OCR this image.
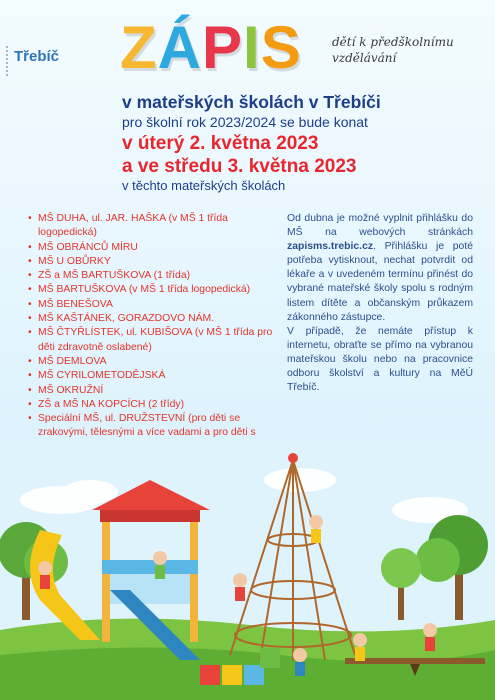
Třebíč ZÁPIS	dětí k předškolnímu vzdělávání
v mateřských školách v Třebíči
pro školní rok 2023/2024 se bude konat
v úterý 2. května 2023
a ve středu 3. května 2023
v těchto mateřských školách
• MŠ DUHA, ul. JAR. HAŠKA (v MŠ 1 třída logopedická)
• MŠ OBRÁNCŮ MÍRU
• MŠ U OBŮRKY
• ZŠ a MŠ BARTUŠKOVA (1 třída)
• MŠ BARTUŠKOVA (v MŠ 1 třída logopedická)
• MŠ BENEŠOVA
• MŠ KAŠTÁNEK, GORAZDOVO NÁM.
• MŠ ČTYŘLÍSTEK, ul. KUBIŠOVA (v MŠ 1 třída pro děti zdravotně oslabené)
• MŠ DEMLOVA
• MŠ CYRILOMETODĚJSKÁ
• MŠ OKRUŽNÍ
• ZŠ a MŠ NA KOPCÍCH (2 třídy)
• Speciální MŠ, ul. DRUŽSTEVNÍ (pro děti se zrakovými, tělesnými a více vadami a pro děti s
Od dubna je možné vyplnit přihlášku do MŠ na webových stránkách zapisms.trebic.cz. Přihlášku je poté potřeba vytisknout, nechat potvrdit od lékaře a v uvedeném termínu přinést do vybrané mateřské školy spolu s rodným listem dítěte a občanským průkazem zákonného zástupce.
V případě, že nemáte přístup k internetu, obraťte se přímo na vybranou mateřskou školu nebo na pracovnice odboru školství a kultury na MěÚ Třebíč.
